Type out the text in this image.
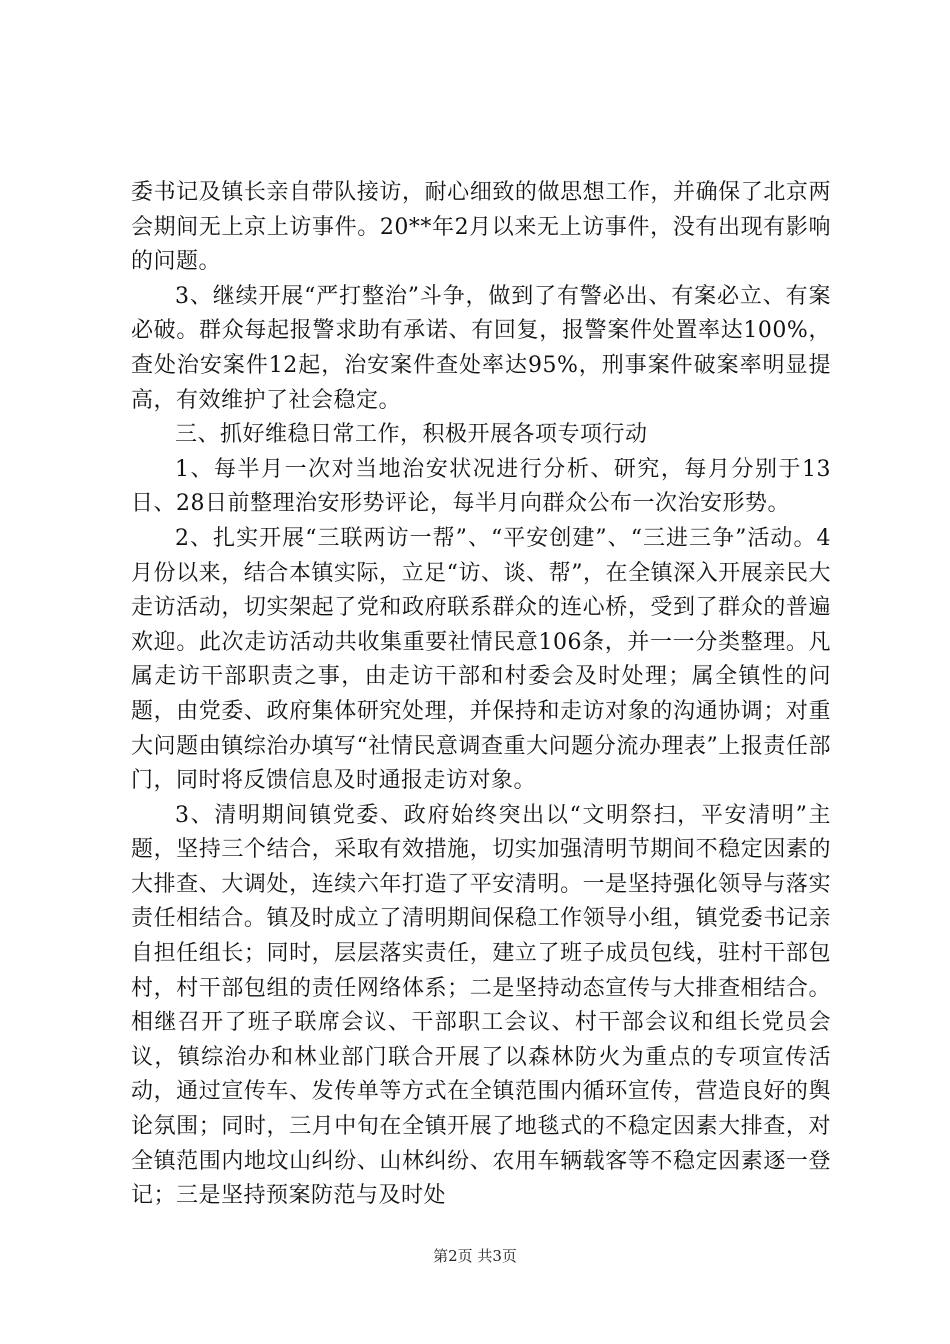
委书记及镇长亲自带队接访，耐心细致的做思想工作，并确保了北京两会期间无上京上访事件。20**年2月以来无上访事件，没有出现有影响的问题。

3、继续开展“严打整治”斗争，做到了有警必出、有案必立、有案必破。群众每起报警求助有承诺、有回复，报警案件处置率达100%，查处治安案件12起，治安案件查处率达95%，刑事案件破案率明显提高，有效维护了社会稳定。

三、抓好维稳日常工作，积极开展各项专项行动

1、每半月一次对当地治安状况进行分析、研究，每月分别于13日、28日前整理治安形势评论，每半月向群众公布一次治安形势。

2、扎实开展“三联两访一帮”、“平安创建”、“三进三争”活动。4月份以来，结合本镇实际，立足“访、谈、帮”，在全镇深入开展亲民大走访活动，切实架起了党和政府联系群众的连心桥，受到了群众的普遍欢迎。此次走访活动共收集重要社情民意106条，并一一分类整理。凡属走访干部职责之事，由走访干部和村委会及时处理；属全镇性的问题，由党委、政府集体研究处理，并保持和走访对象的沟通协调；对重大问题由镇综治办填写“社情民意调查重大问题分流办理表”上报责任部门，同时将反馈信息及时通报走访对象。

3、清明期间镇党委、政府始终突出以“文明祭扫，平安清明”主题，坚持三个结合，采取有效措施，切实加强清明节期间不稳定因素的大排查、大调处，连续六年打造了平安清明。一是坚持强化领导与落实责任相结合。镇及时成立了清明期间保稳工作领导小组，镇党委书记亲自担任组长；同时，层层落实责任，建立了班子成员包线，驻村干部包村，村干部包组的责任网络体系；二是坚持动态宣传与大排查相结合。相继召开了班子联席会议、干部职工会议、村干部会议和组长党员会议，镇综治办和林业部门联合开展了以森林防火为重点的专项宣传活动，通过宣传车、发传单等方式在全镇范围内循环宣传，营造良好的舆论氛围；同时，三月中旬在全镇开展了地毯式的不稳定因素大排查，对全镇范围内地坟山纠纷、山林纠纷、农用车辆载客等不稳定因素逐一登记；三是坚持预案防范与及时处

第2页 共3页
